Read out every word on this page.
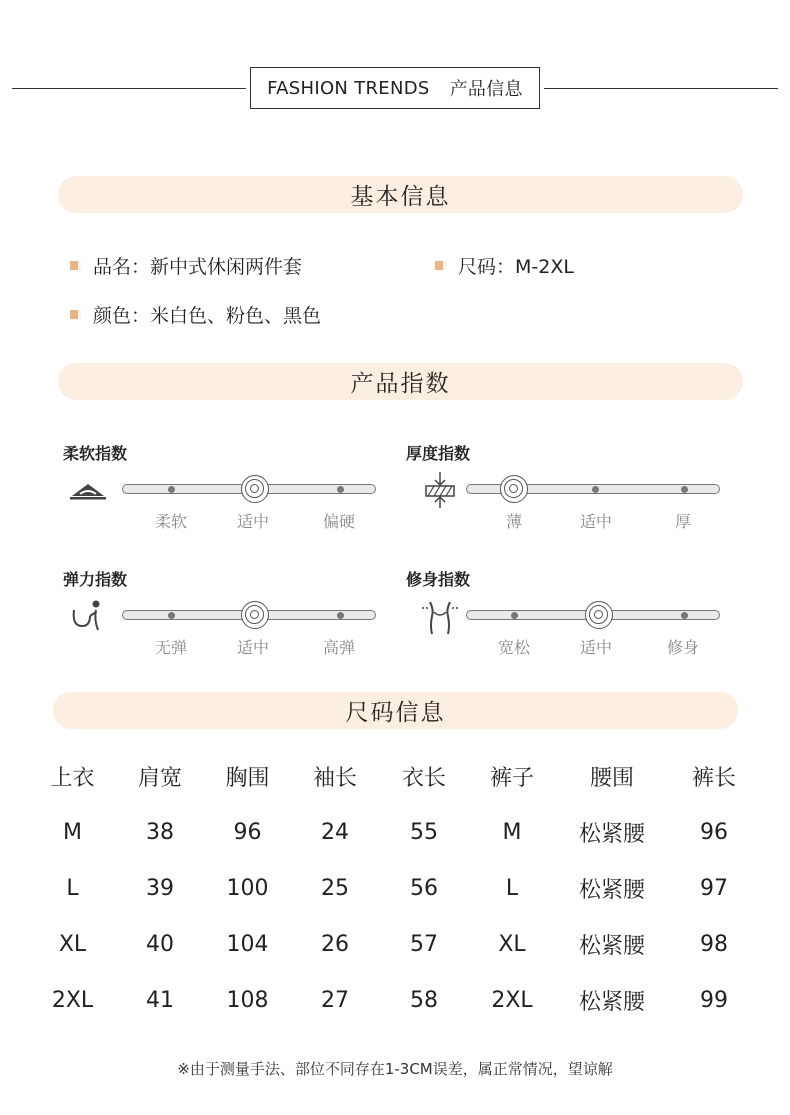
FASHION TRENDS 产品信息
基本信息
品名：新中式休闲两件套	尺码：M-2XL
颜色：米白色、粉色、黑色
产品指数
柔软指数
柔软	适中	偏硬
厚度指数
薄	适中	厚
弹力指数
无弹	适中	高弹
修身指数
宽松	适中	修身
尺码信息
上衣	肩宽	胸围	袖长	衣长	裤子	腰围	裤长
M	38	96	24	55	M	松紧腰	96
L	39	100	25	56	L	松紧腰	97
XL	40	104	26	57	XL	松紧腰	98
2XL	41	108	27	58	2XL	松紧腰	99
※由于测量手法、部位不同存在1-3CM误差，属正常情况，望谅解
